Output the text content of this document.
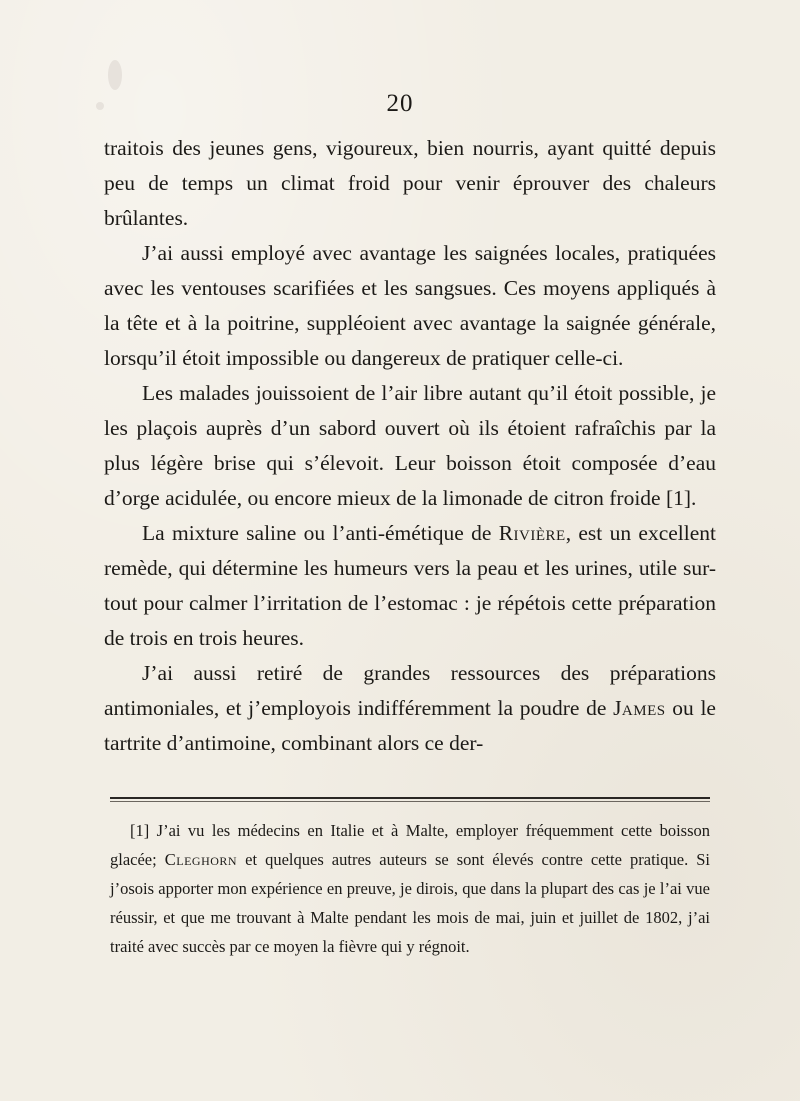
20

traitois des jeunes gens, vigoureux, bien nourris, ayant quitté depuis peu de temps un climat froid pour venir éprouver des chaleurs brûlantes.

J’ai aussi employé avec avantage les saignées locales, pratiquées avec les ventouses scarifiées et les sangsues. Ces moyens appliqués à la tête et à la poitrine, suppléoient avec avantage la saignée générale, lorsqu’il étoit impossible ou dangereux de pratiquer celle-ci.

Les malades jouissoient de l’air libre autant qu’il étoit possible, je les plaçois auprès d’un sabord ouvert où ils étoient rafraîchis par la plus légère brise qui s’élevoit. Leur boisson étoit composée d’eau d’orge acidulée, ou encore mieux de la limonade de citron froide [1].

La mixture saline ou l’anti-émétique de Rivière, est un excellent remède, qui détermine les humeurs vers la peau et les urines, utile sur-tout pour calmer l’irritation de l’estomac : je répétois cette préparation de trois en trois heures.

J’ai aussi retiré de grandes ressources des préparations antimoniales, et j’employois indifféremment la poudre de James ou le tartrite d’antimoine, combinant alors ce der-

[1] J’ai vu les médecins en Italie et à Malte, employer fréquemment cette boisson glacée; Cleghorn et quelques autres auteurs se sont élevés contre cette pratique. Si j’osois apporter mon expérience en preuve, je dirois, que dans la plupart des cas je l’ai vue réussir, et que me trouvant à Malte pendant les mois de mai, juin et juillet de 1802, j’ai traité avec succès par ce moyen la fièvre qui y régnoit.
